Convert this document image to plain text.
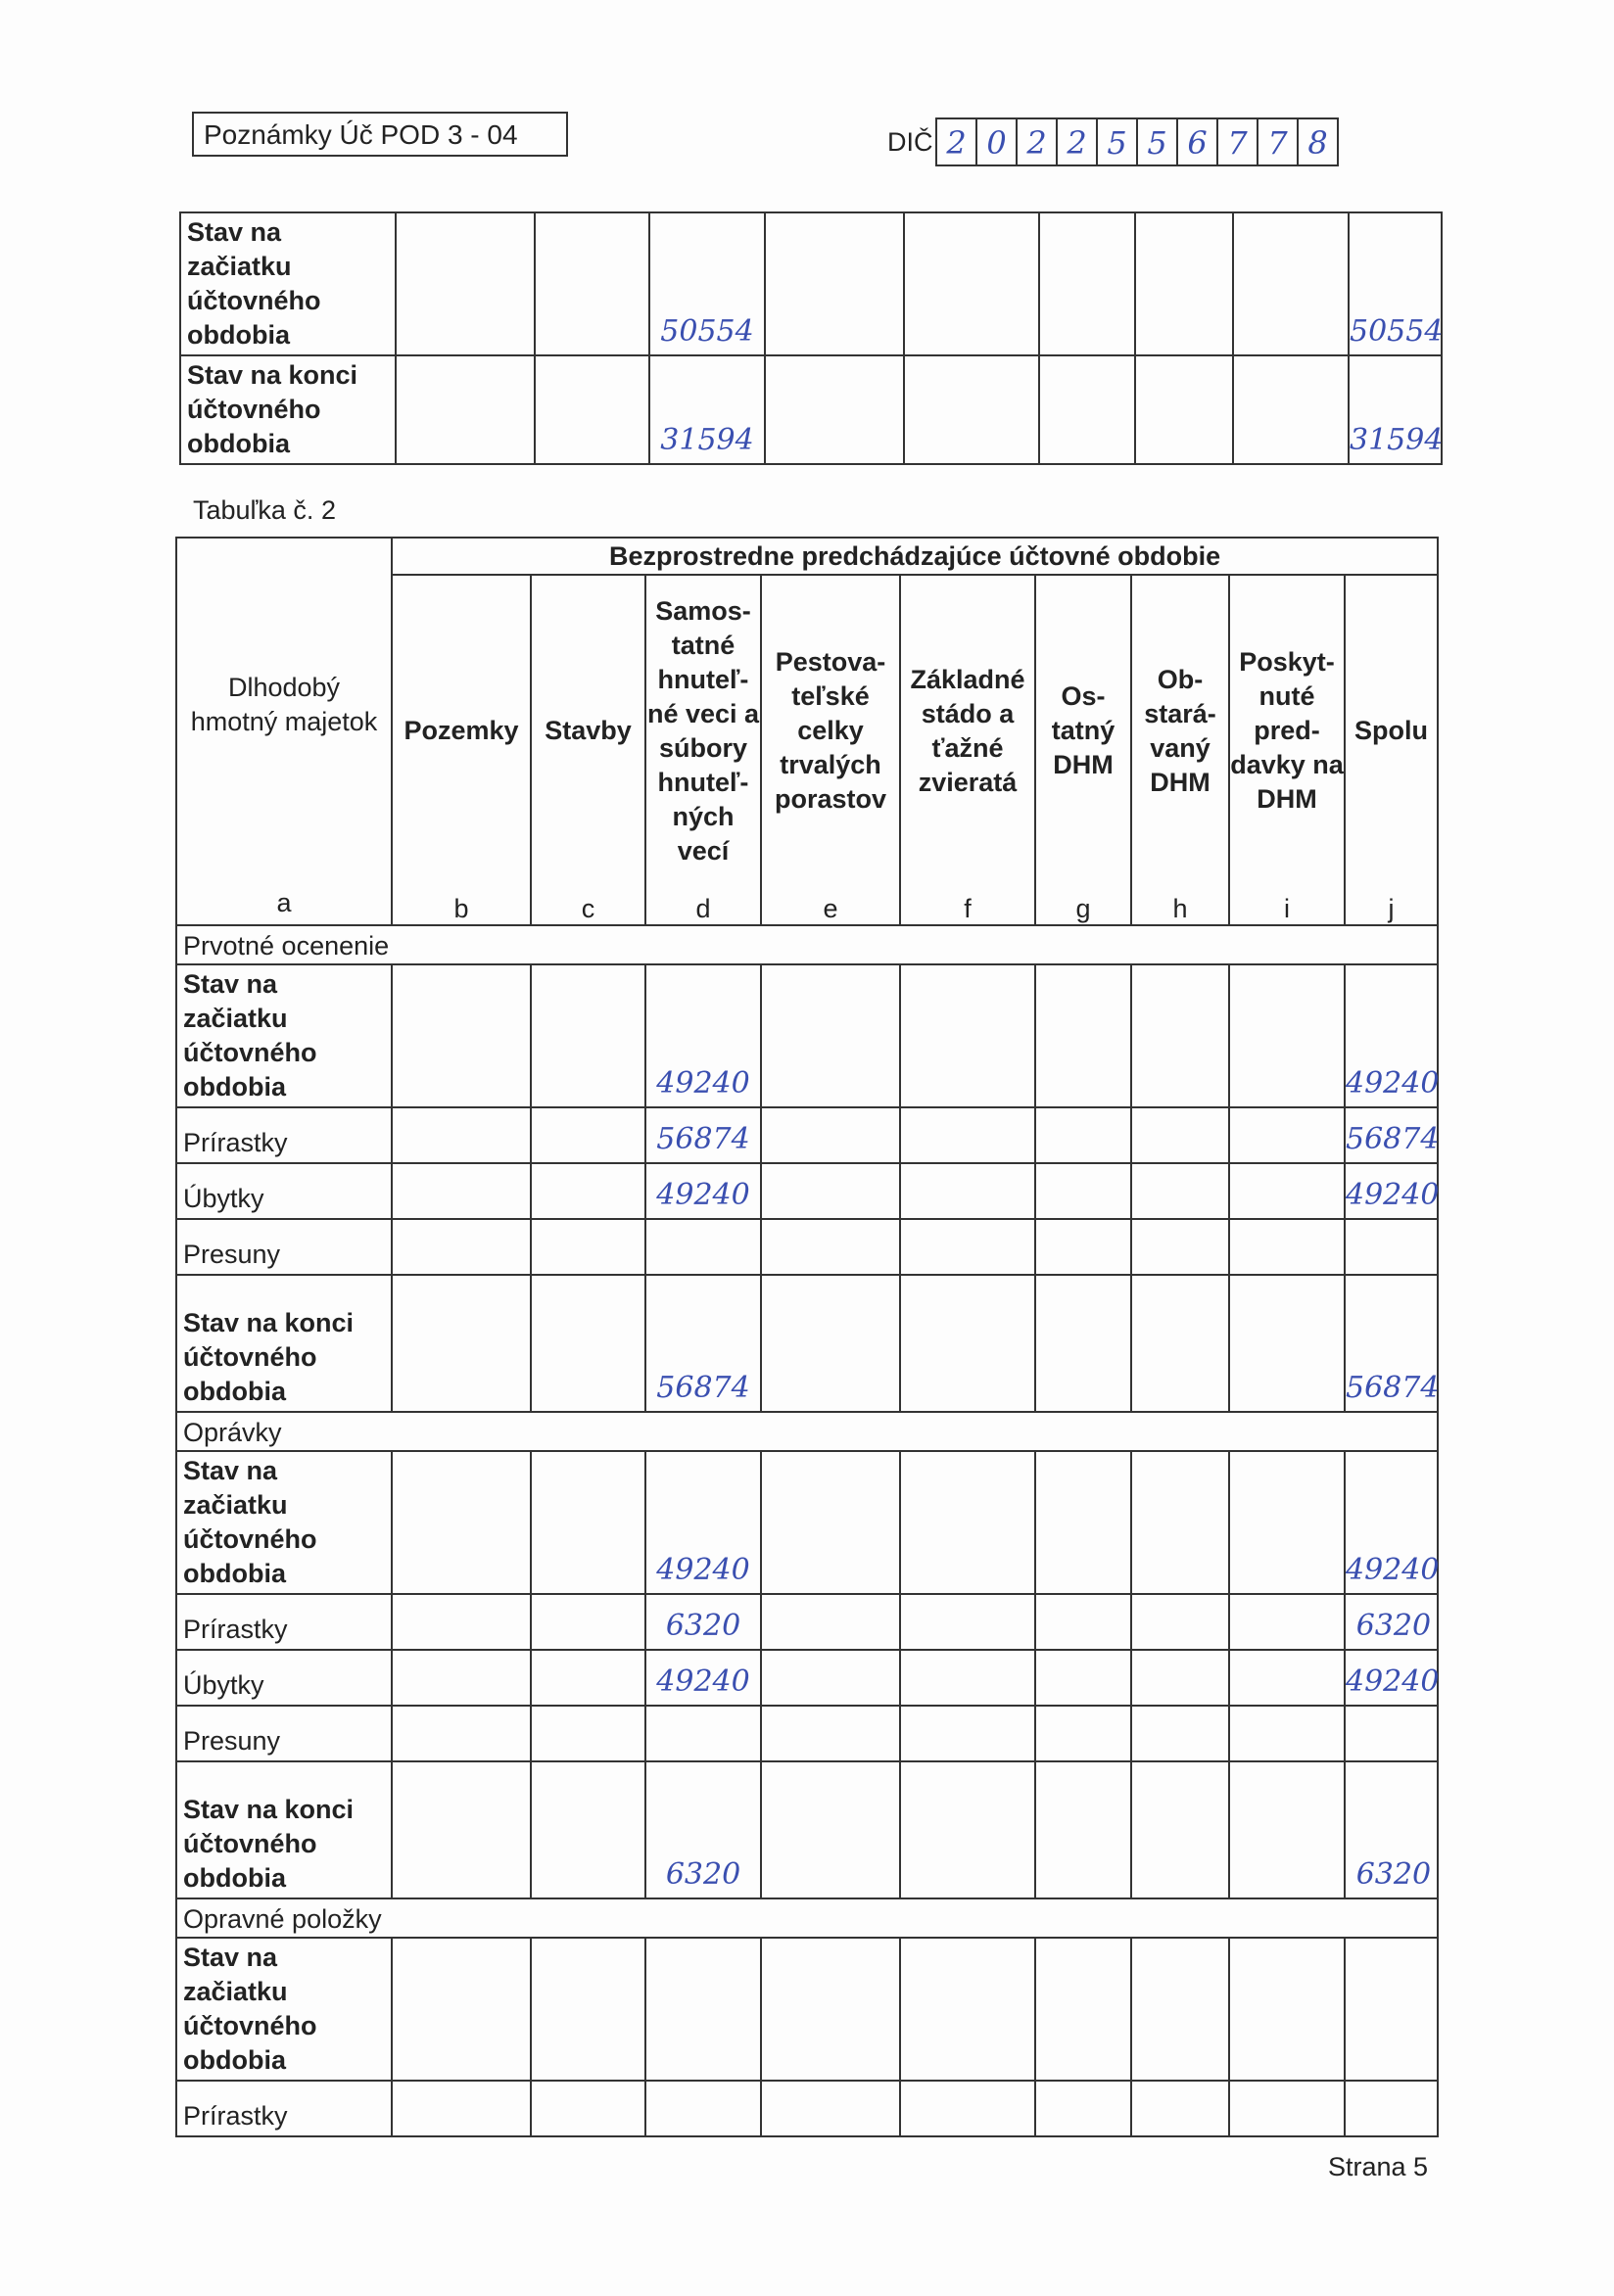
Poznámky Úč POD 3 - 04	DIČ 2 0 2 2 5 5 6 7 7 8
Stav na začiatku účtovného obdobia			50554						50554
Stav na konci účtovného obdobia			31594						31594
Tabuľka č. 2
Dlhodobý hmotný majetok
a	Bezprostredne predchádzajúce účtovné obdobie								
	Pozemky	Stavby	Samos-tatné hnuteľ-né veci a súbory hnuteľ-ných vecí	Pestova-teľské celky trvalých porastov	Základné stádo a ťažné zvieratá	Os-tatný DHM	Ob-stará-vaný DHM	Poskyt-nuté pred-davky na DHM	Spolu
	b	c	d	e	f	g	h	i	j
Prvotné ocenenie									
Stav na začiatku účtovného obdobia			49240						49240
Prírastky			56874						56874
Úbytky			49240						49240
Presuny									
Stav na konci účtovného obdobia			56874						56874
Oprávky									
Stav na začiatku účtovného obdobia			49240						49240
Prírastky			6320						6320
Úbytky			49240						49240
Presuny									
Stav na konci účtovného obdobia			6320						6320
Opravné položky									
Stav na začiatku účtovného obdobia									
Prírastky									
Strana 5
